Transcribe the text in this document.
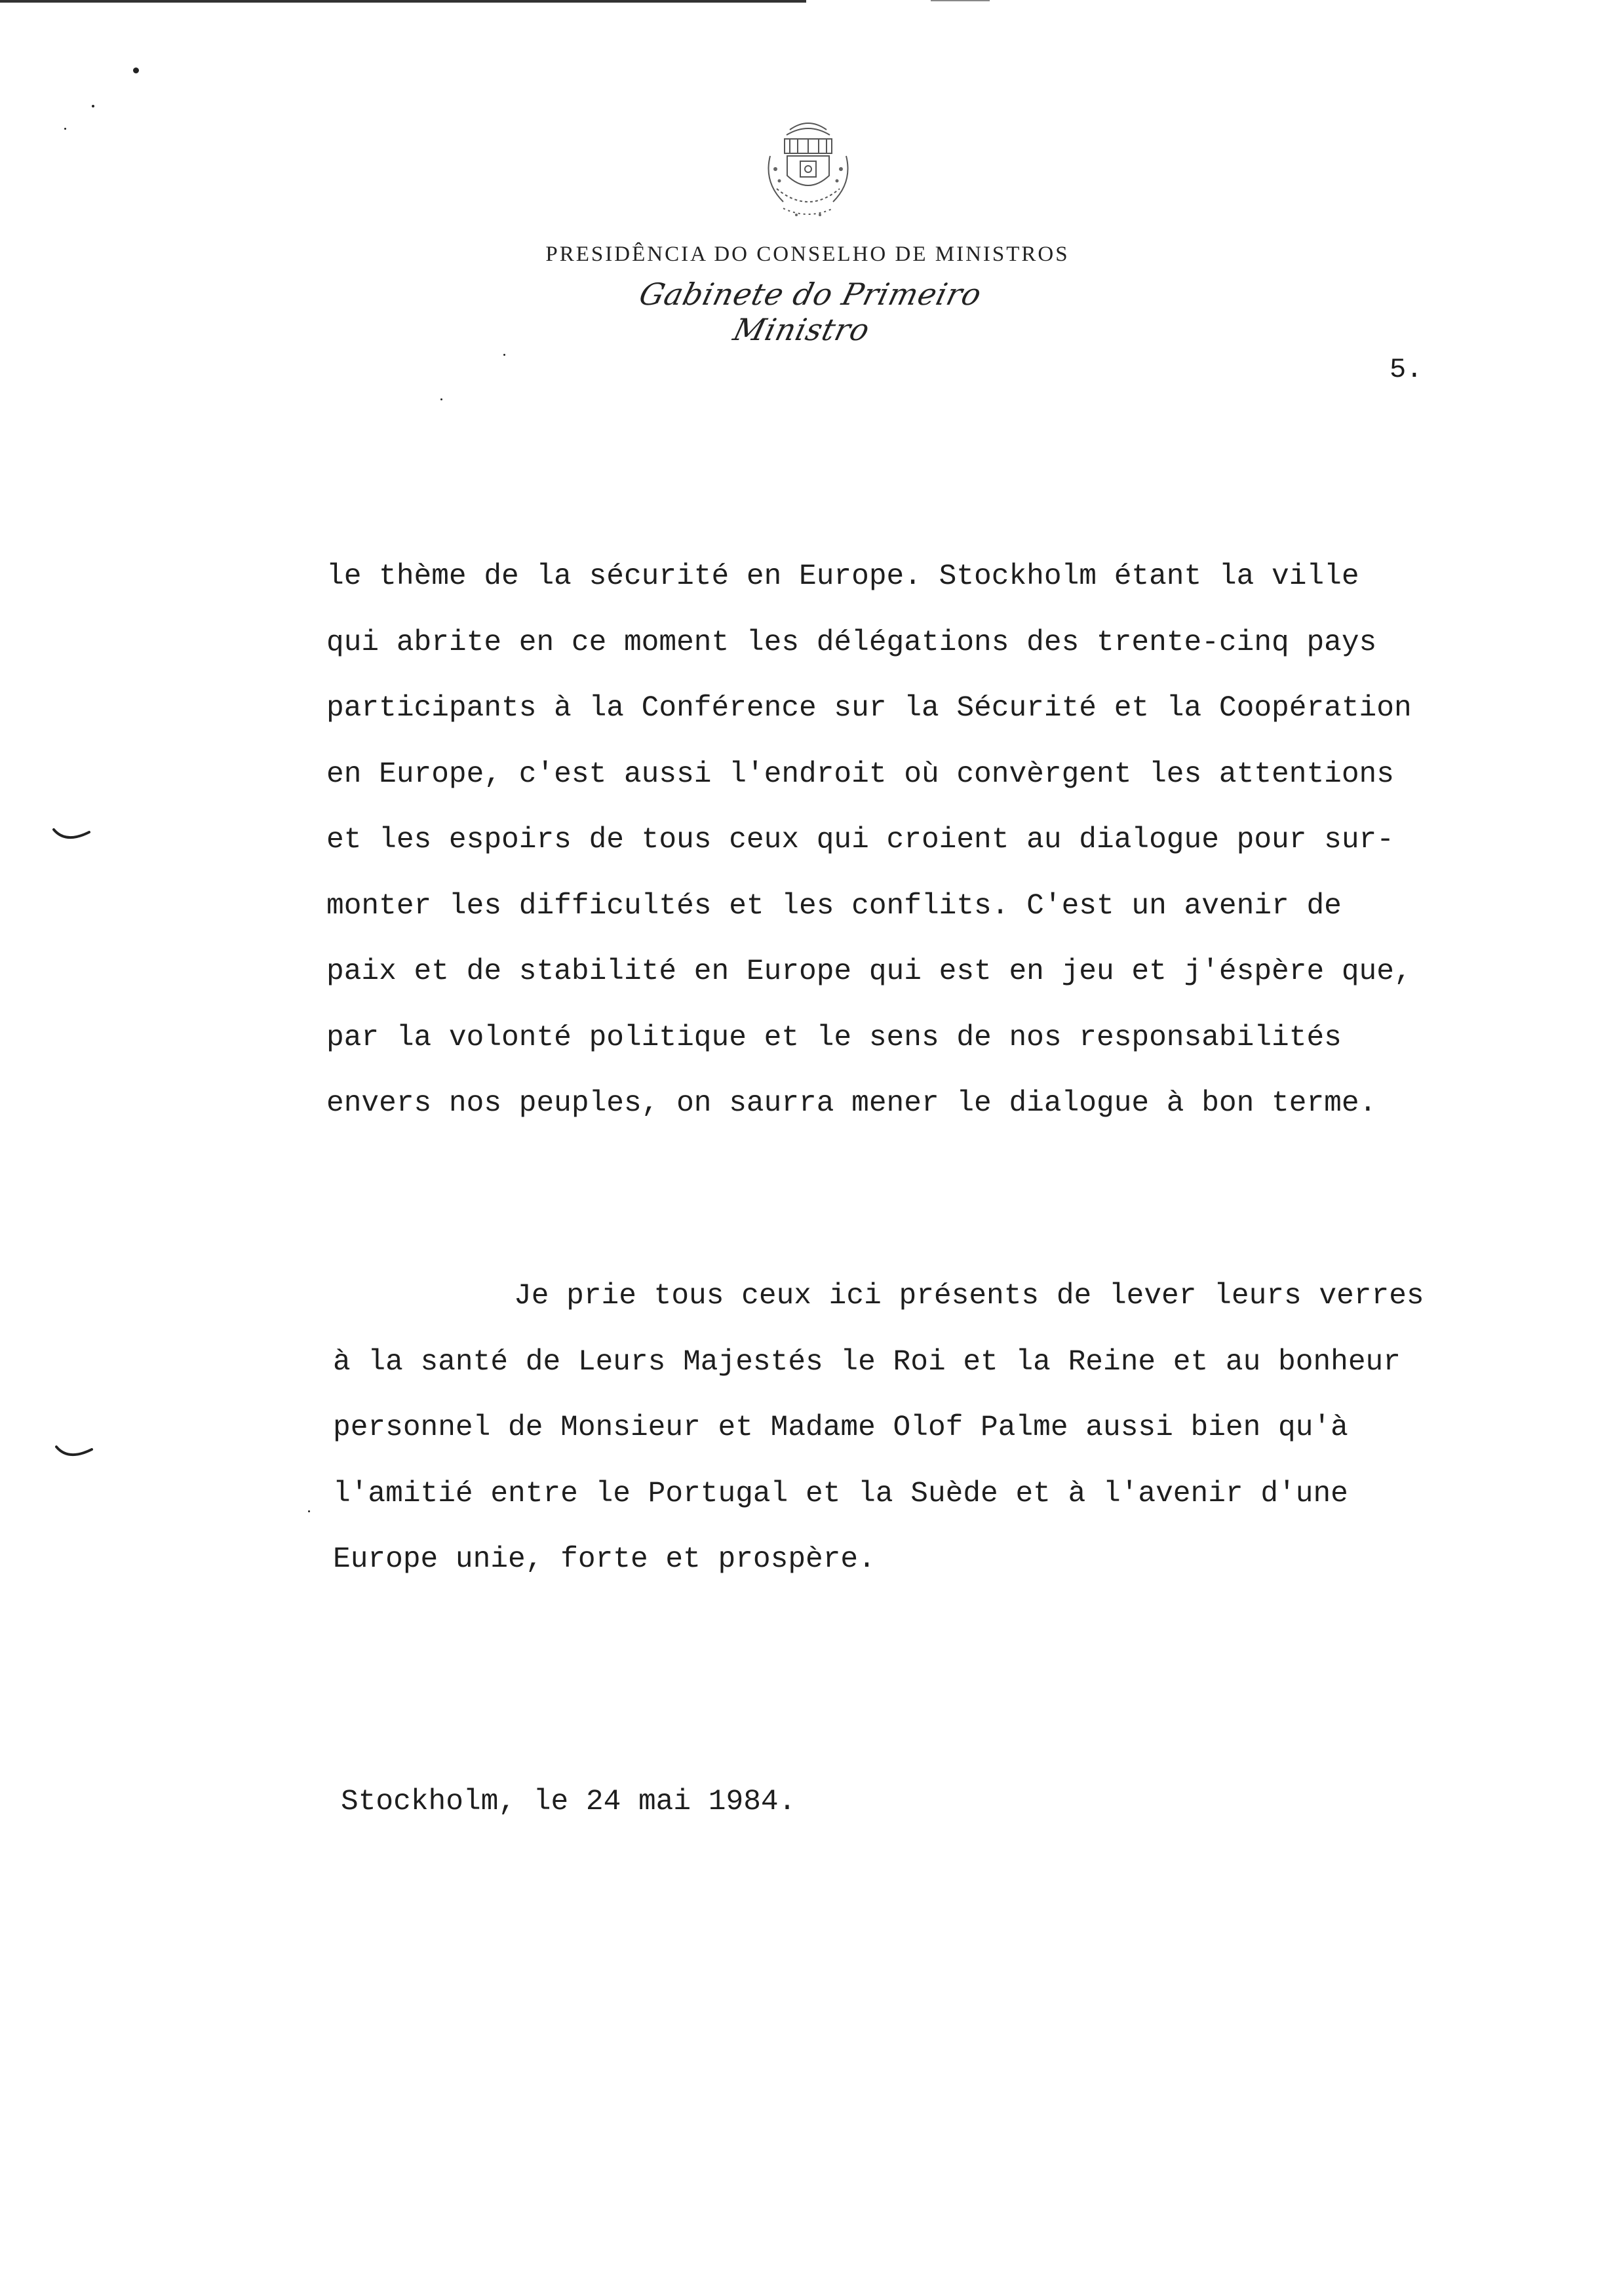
PRESIDÊNCIA DO CONSELHO DE MINISTROS
Gabinete do Primeiro Ministro
5.
le thème de la sécurité en Europe. Stockholm étant la ville
qui abrite en ce moment les délégations des trente-cinq pays
participants à la Conférence sur la Sécurité et la Coopération
en Europe, c'est aussi l'endroit où convèrgent les attentions
et les espoirs de tous ceux qui croient au dialogue pour sur-
monter les difficultés et les conflits. C'est un avenir de
paix et de stabilité en Europe qui est en jeu et j'éspère que,
par la volonté politique et le sens de nos responsabilités
envers nos peuples, on saurra mener le dialogue à bon terme.
Je prie tous ceux ici présents de lever leurs verres
à la santé de Leurs Majestés le Roi et la Reine et au bonheur
personnel de Monsieur et Madame Olof Palme aussi bien qu'à
l'amitié entre le Portugal et la Suède et à l'avenir d'une
Europe unie, forte et prospère.
Stockholm, le 24 mai 1984.
